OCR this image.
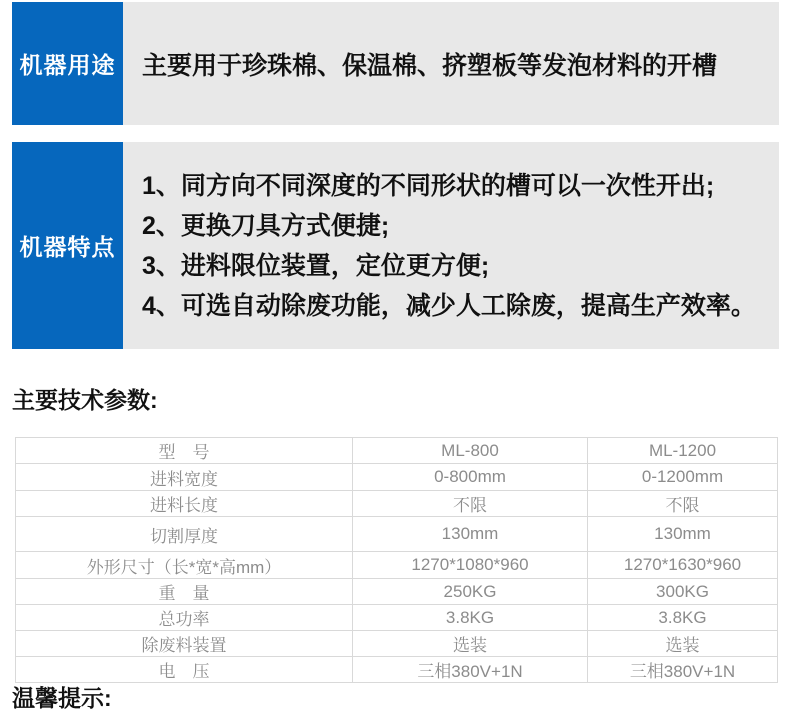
机器用途	主要用于珍珠棉、保温棉、挤塑板等发泡材料的开槽
机器特点
1、同方向不同深度的不同形状的槽可以一次性开出;
2、更换刀具方式便捷;
3、进料限位装置，定位更方便;
4、可选自动除废功能，减少人工除废，提高生产效率。
主要技术参数:
型　号	ML-800	ML-1200
进料宽度	0-800mm	0-1200mm
进料长度	不限	不限
切割厚度	130mm	130mm
外形尺寸（长*宽*高mm）	1270*1080*960	1270*1630*960
重　量	250KG	300KG
总功率	3.8KG	3.8KG
除废料装置	选装	选装
电　压	三相380V+1N	三相380V+1N
温馨提示:
